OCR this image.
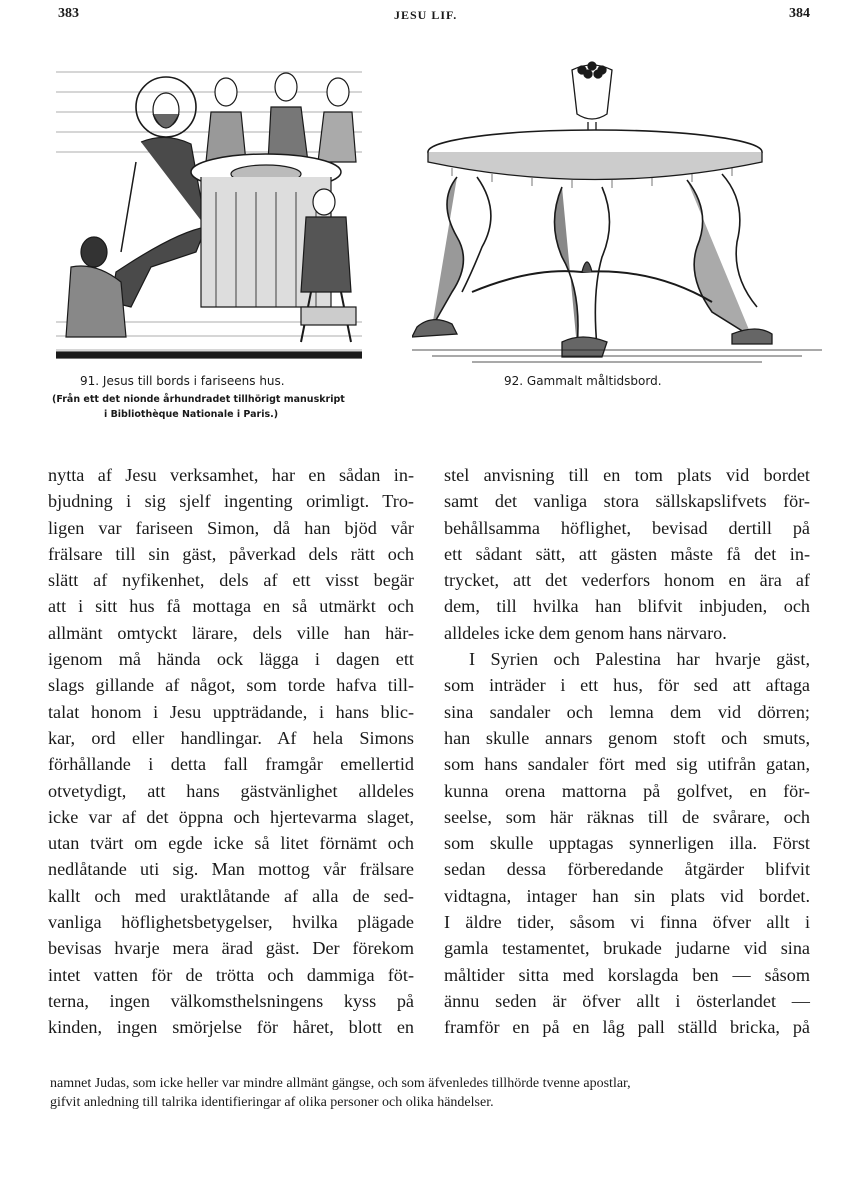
383	JESU LIF.	384
91. Jesus till bords i fariseens hus.	92. Gammalt måltidsbord.
(Från ett det nionde århundradet tillhörigt manuskript
i Bibliothèque Nationale i Paris.)

nytta af Jesu verksamhet, har en sådan in-

bjudning i sig sjelf ingenting orimligt. Tro-

ligen var fariseen Simon, då han bjöd vår

frälsare till sin gäst, påverkad dels rätt och

slätt af nyfikenhet, dels af ett visst begär

att i sitt hus få mottaga en så utmärkt och

allmänt omtyckt lärare, dels ville han här-

igenom må hända ock lägga i dagen ett

slags gillande af något, som torde hafva till-

talat honom i Jesu uppträdande, i hans blic-

kar, ord eller handlingar. Af hela Simons

förhållande i detta fall framgår emellertid

otvetydigt, att hans gästvänlighet alldeles

icke var af det öppna och hjertevarma slaget,

utan tvärt om egde icke så litet förnämt och

nedlåtande uti sig. Man mottog vår frälsare

kallt och med uraktlåtande af alla de sed-

vanliga höflighetsbetygelser, hvilka plägade

bevisas hvarje mera ärad gäst. Der förekom

intet vatten för de trötta och dammiga föt-

terna, ingen välkomsthelsningens kyss på

kinden, ingen smörjelse för håret, blott en

stel anvisning till en tom plats vid bordet

samt det vanliga stora sällskapslifvets för-

behållsamma höflighet, bevisad dertill på

ett sådant sätt, att gästen måste få det in-

trycket, att det vederfors honom en ära af

dem, till hvilka han blifvit inbjuden, och

alldeles icke dem genom hans närvaro.

I Syrien och Palestina har hvarje gäst,

som inträder i ett hus, för sed att aftaga

sina sandaler och lemna dem vid dörren;

han skulle annars genom stoft och smuts,

som hans sandaler fört med sig utifrån gatan,

kunna orena mattorna på golfvet, en för-

seelse, som här räknas till de svårare, och

som skulle upptagas synnerligen illa. Först

sedan dessa förberedande åtgärder blifvit

vidtagna, intager han sin plats vid bordet.

I äldre tider, såsom vi finna öfver allt i

gamla testamentet, brukade judarne vid sina

måltider sitta med korslagda ben — såsom

ännu seden är öfver allt i österlandet —

framför en på en låg pall ställd bricka, på

namnet Judas, som icke heller var mindre allmänt gängse, och som äfvenledes tillhörde tvenne apostlar,
gifvit anledning till talrika identifieringar af olika personer och olika händelser.
